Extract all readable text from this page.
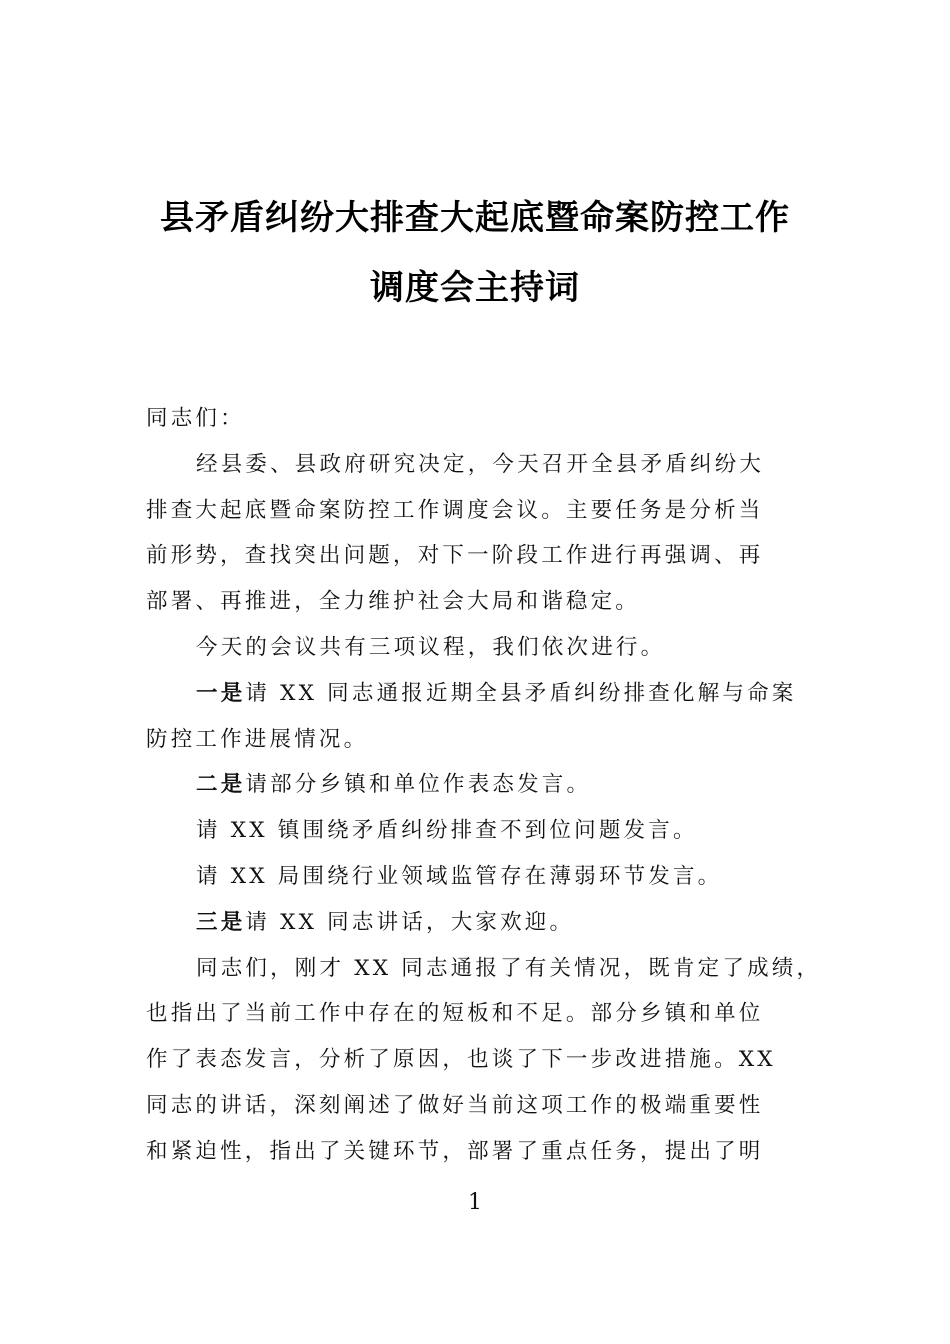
县矛盾纠纷大排查大起底暨命案防控工作
调度会主持词
同志们：
经县委、县政府研究决定，今天召开全县矛盾纠纷大
排查大起底暨命案防控工作调度会议。主要任务是分析当
前形势，查找突出问题，对下一阶段工作进行再强调、再
部署、再推进，全力维护社会大局和谐稳定。
今天的会议共有三项议程，我们依次进行。
一是请 XX 同志通报近期全县矛盾纠纷排查化解与命案
防控工作进展情况。
二是请部分乡镇和单位作表态发言。
请 XX 镇围绕矛盾纠纷排查不到位问题发言。
请 XX 局围绕行业领域监管存在薄弱环节发言。
三是请 XX 同志讲话，大家欢迎。
同志们，刚才 XX 同志通报了有关情况，既肯定了成绩，
也指出了当前工作中存在的短板和不足。部分乡镇和单位
作了表态发言，分析了原因，也谈了下一步改进措施。XX
同志的讲话，深刻阐述了做好当前这项工作的极端重要性
和紧迫性，指出了关键环节，部署了重点任务，提出了明
1
